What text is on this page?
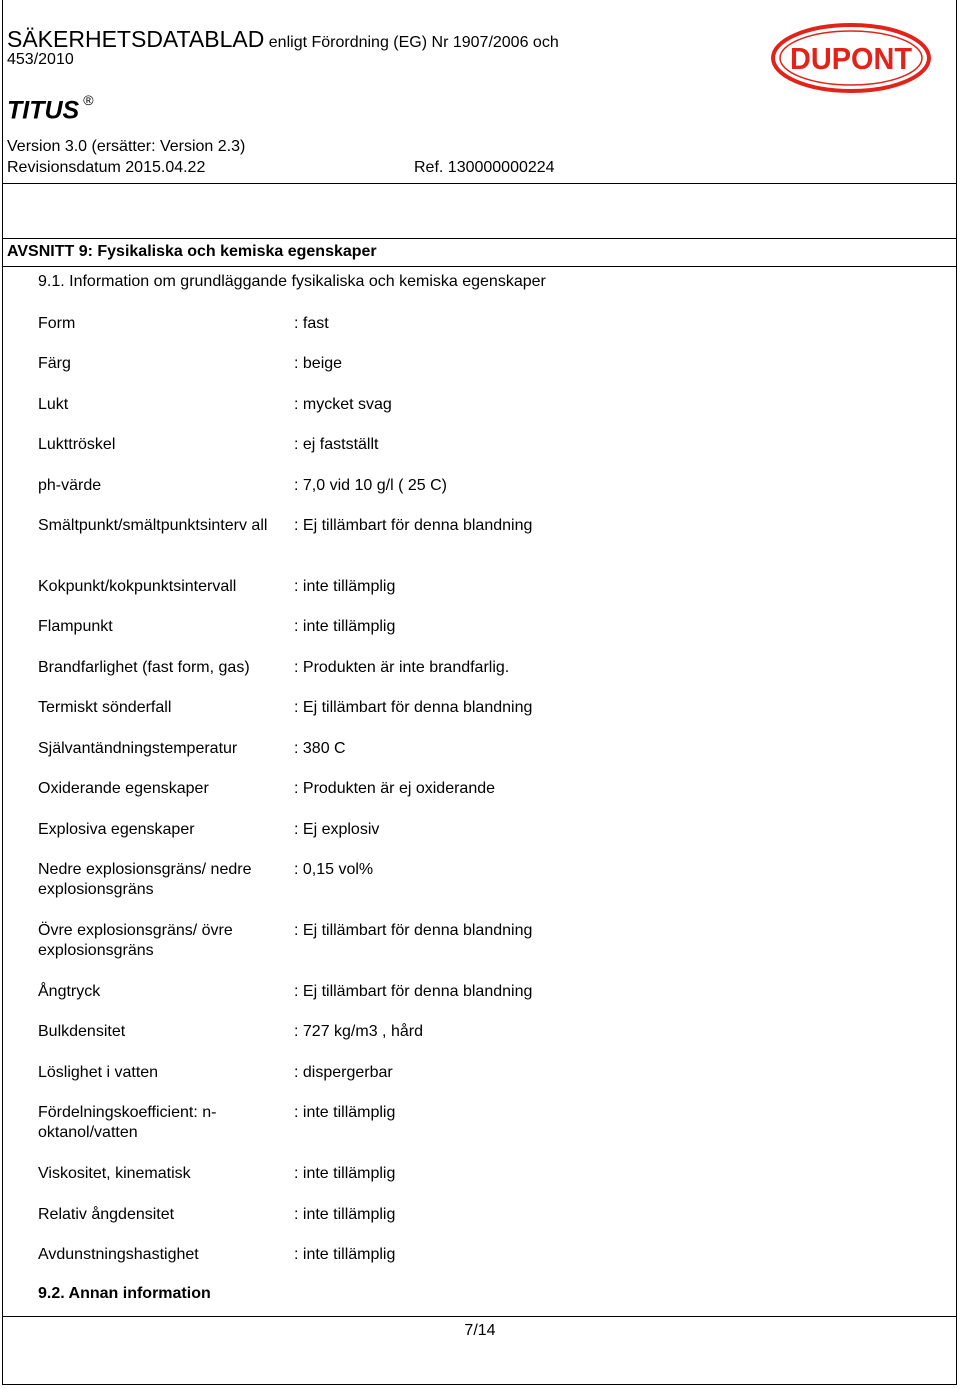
SÄKERHETSDATABLAD enligt Förordning (EG) Nr 1907/2006 och
453/2010
TITUS ®
Version 3.0 (ersätter: Version 2.3)
Revisionsdatum 2015.04.22	Ref. 130000000224
DUPONT
AVSNITT 9: Fysikaliska och kemiska egenskaper
9.1. Information om grundläggande fysikaliska och kemiska egenskaper
Form	: fast
Färg	: beige
Lukt	: mycket svag
Lukttröskel	: ej fastställt
ph-värde	: 7,0 vid 10 g/l ( 25 C)
Smältpunkt/smältpunktsinterv all	: Ej tillämbart för denna blandning
Kokpunkt/kokpunktsintervall	: inte tillämplig
Flampunkt	: inte tillämplig
Brandfarlighet (fast form, gas)	: Produkten är inte brandfarlig.
Termiskt sönderfall	: Ej tillämbart för denna blandning
Självantändningstemperatur	: 380 C
Oxiderande egenskaper	: Produkten är ej oxiderande
Explosiva egenskaper	: Ej explosiv
Nedre explosionsgräns/ nedre explosionsgräns
: 0,15 vol%
Övre explosionsgräns/ övre explosionsgräns
: Ej tillämbart för denna blandning
Ångtryck	: Ej tillämbart för denna blandning
Bulkdensitet	: 727 kg/m3 , hård
Löslighet i vatten	: dispergerbar
Fördelningskoefficient: n-oktanol/vatten
: inte tillämplig
Viskositet, kinematisk	: inte tillämplig
Relativ ångdensitet	: inte tillämplig
Avdunstningshastighet	: inte tillämplig
9.2. Annan information
7/14
